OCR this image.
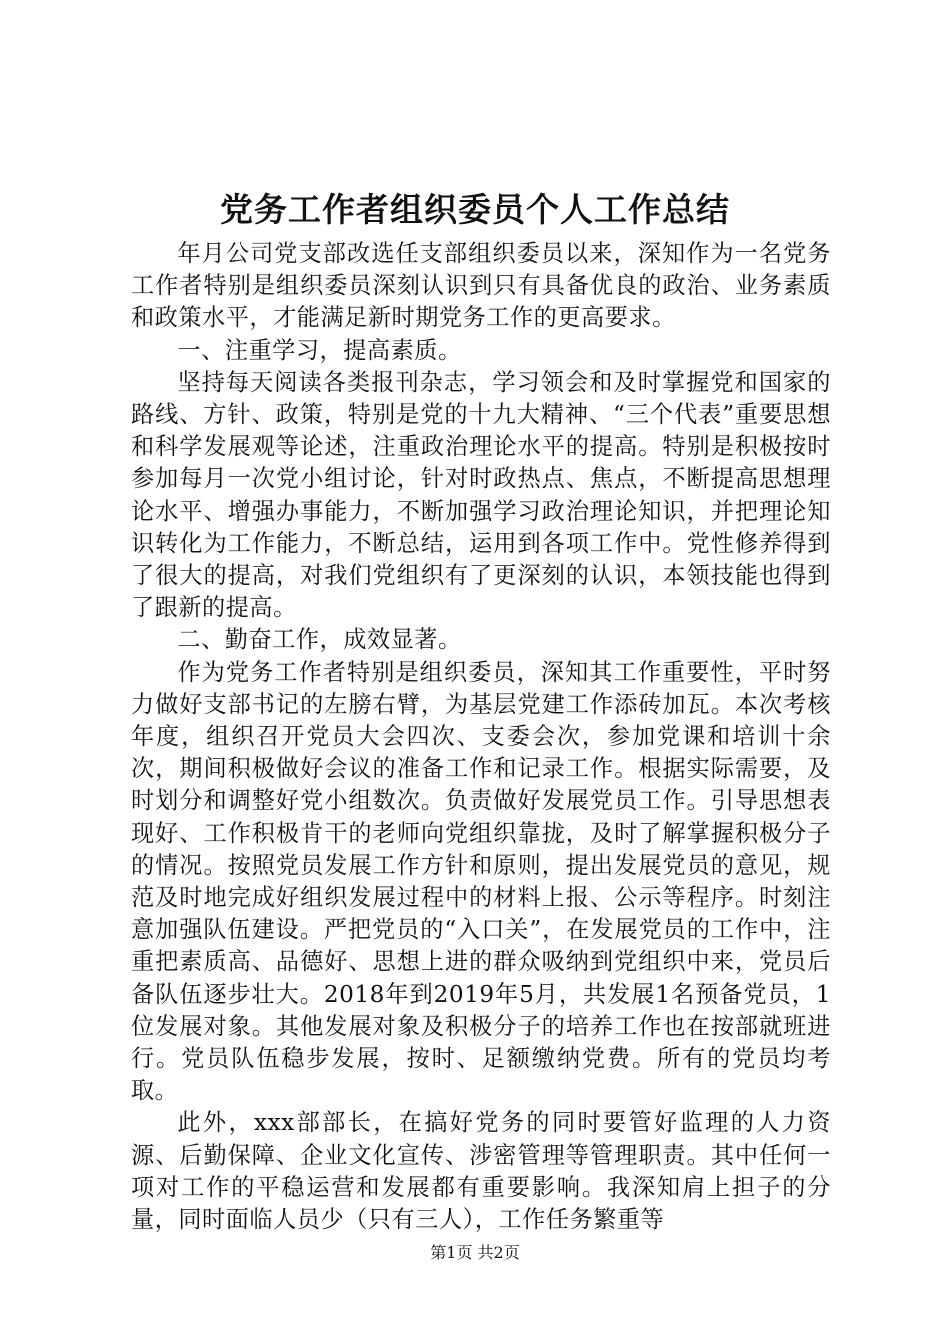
党务工作者组织委员个人工作总结

年月公司党支部改选任支部组织委员以来，深知作为一名党务工作者特别是组织委员深刻认识到只有具备优良的政治、业务素质和政策水平，才能满足新时期党务工作的更高要求。

一、注重学习，提高素质。

坚持每天阅读各类报刊杂志，学习领会和及时掌握党和国家的路线、方针、政策，特别是党的十九大精神、“三个代表”重要思想和科学发展观等论述，注重政治理论水平的提高。特别是积极按时参加每月一次党小组讨论，针对时政热点、焦点，不断提高思想理论水平、增强办事能力，不断加强学习政治理论知识，并把理论知识转化为工作能力，不断总结，运用到各项工作中。党性修养得到了很大的提高，对我们党组织有了更深刻的认识，本领技能也得到了跟新的提高。

二、勤奋工作，成效显著。

作为党务工作者特别是组织委员，深知其工作重要性，平时努力做好支部书记的左膀右臂，为基层党建工作添砖加瓦。本次考核年度，组织召开党员大会四次、支委会次，参加党课和培训十余次，期间积极做好会议的准备工作和记录工作。根据实际需要，及时划分和调整好党小组数次。负责做好发展党员工作。引导思想表现好、工作积极肯干的老师向党组织靠拢，及时了解掌握积极分子的情况。按照党员发展工作方针和原则，提出发展党员的意见，规范及时地完成好组织发展过程中的材料上报、公示等程序。时刻注意加强队伍建设。严把党员的“入口关”，在发展党员的工作中，注重把素质高、品德好、思想上进的群众吸纳到党组织中来，党员后备队伍逐步壮大。2018年到2019年5月，共发展1名预备党员，1位发展对象。其他发展对象及积极分子的培养工作也在按部就班进行。党员队伍稳步发展，按时、足额缴纳党费。所有的党员均考取。

此外，xxx部部长，在搞好党务的同时要管好监理的人力资源、后勤保障、企业文化宣传、涉密管理等管理职责。其中任何一项对工作的平稳运营和发展都有重要影响。我深知肩上担子的分量，同时面临人员少（只有三人），工作任务繁重等

第1页 共2页
